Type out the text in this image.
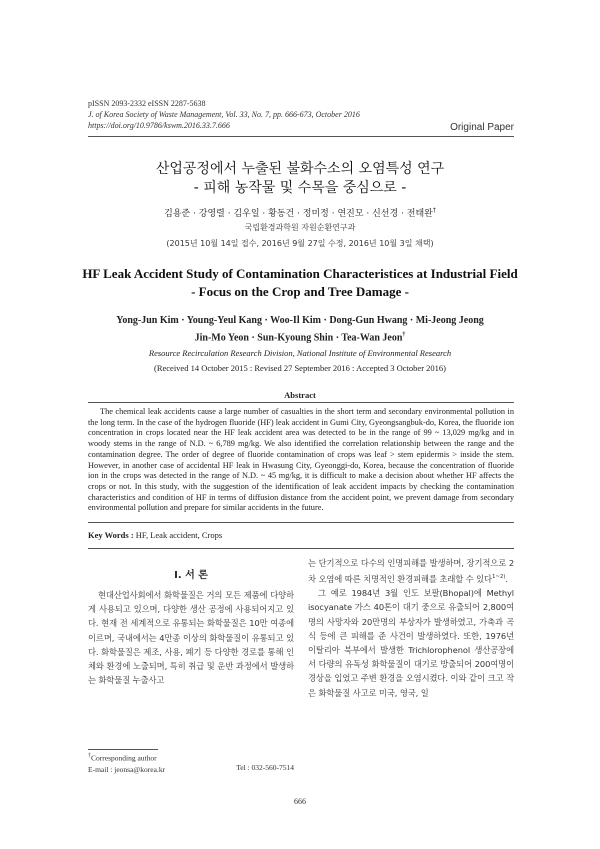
pISSN 2093-2332 eISSN 2287-5638
J. of Korea Society of Waste Management, Vol. 33, No. 7, pp. 666-673, October 2016
https://doi.org/10.9786/kswm.2016.33.7.666	Original Paper
산업공정에서 누출된 불화수소의 오염특성 연구
- 피해 농작물 및 수목을 중심으로 -
김용준 · 강영렬 · 김우일 · 황동건 · 정미정 · 연진모 · 신선경 · 전태완†
국립환경과학원 자원순환연구과
(2015년 10월 14일 접수, 2016년 9월 27일 수정, 2016년 10월 3일 채택)
HF Leak Accident Study of Contamination Characteristices at Industrial Field
- Focus on the Crop and Tree Damage -
Yong-Jun Kim · Young-Yeul Kang · Woo-Il Kim · Dong-Gun Hwang · Mi-Jeong Jeong
Jin-Mo Yeon · Sun-Kyoung Shin · Tea-Wan Jeon†
Resource Recirculation Research Division, National Institute of Environmental Research
(Received 14 October 2015 : Revised 27 September 2016 : Accepted 3 October 2016)
Abstract
The chemical leak accidents cause a large number of casualties in the short term and secondary environmental pollution in the long term. In the case of the hydrogen fluoride (HF) leak accident in Gumi City, Gyeongsangbuk-do, Korea, the fluoride ion concentration in crops located near the HF leak accident area was detected to be in the range of 99 ~ 13,029 mg/kg and in woody stems in the range of N.D. ~ 6,789 mg/kg. We also identified the correlation relationship between the range and the contamination degree. The order of degree of fluoride contamination of crops was leaf > stem epidermis > inside the stem. However, in another case of accidental HF leak in Hwasung City, Gyeonggi-do, Korea, because the concentration of fluoride ion in the crops was detected in the range of N.D. ~ 45 mg/kg, it is difficult to make a decision about whether HF affects the crops or not. In this study, with the suggestion of the identification of leak accident impacts by checking the contamination characteristics and condition of HF in terms of diffusion distance from the accident point, we prevent damage from secondary environmental pollution and prepare for similar accidents in the future.
Key Words : HF, Leak accident, Crops
I. 서 론
현대산업사회에서 화학물질은 거의 모든 제품에 다양하게 사용되고 있으며, 다양한 생산 공정에 사용되어지고 있다. 현재 전 세계적으로 유통되는 화학물질은 10만 여종에 이르며, 국내에서는 4만종 이상의 화학물질이 유통되고 있다. 화학물질은 제조, 사용, 폐기 등 다양한 경로를 통해 인체와 환경에 노출되며, 특히 취급 및 운반 과정에서 발생하는 화학물질 누출사고

는 단기적으로 다수의 인명피해를 발생하며, 장기적으로 2차 오염에 따른 치명적인 환경피해를 초래할 수 있다$^{1\sim 2)}$.

그 예로 1984년 3월 인도 보팔(Bhopal)에 Methyl isocyanate 가스 40톤이 대기 중으로 유출되어 2,800여명의 사망자와 20만명의 부상자가 발생하였고, 가축과 곡식 등에 큰 피해를 준 사건이 발생하였다. 또한, 1976년 이탈리아 북부에서 발생한 Trichlorophenol 생산공장에서 다량의 유독성 화학물질이 대기로 방출되어 200여명이 경상을 입었고 주변 환경을 오염시켰다. 이와 같이 크고 작은 화학물질 사고로 미국, 영국, 일

†Corresponding author
E-mail : jeonsa@korea.kr	Tel : 032-560-7514
666
